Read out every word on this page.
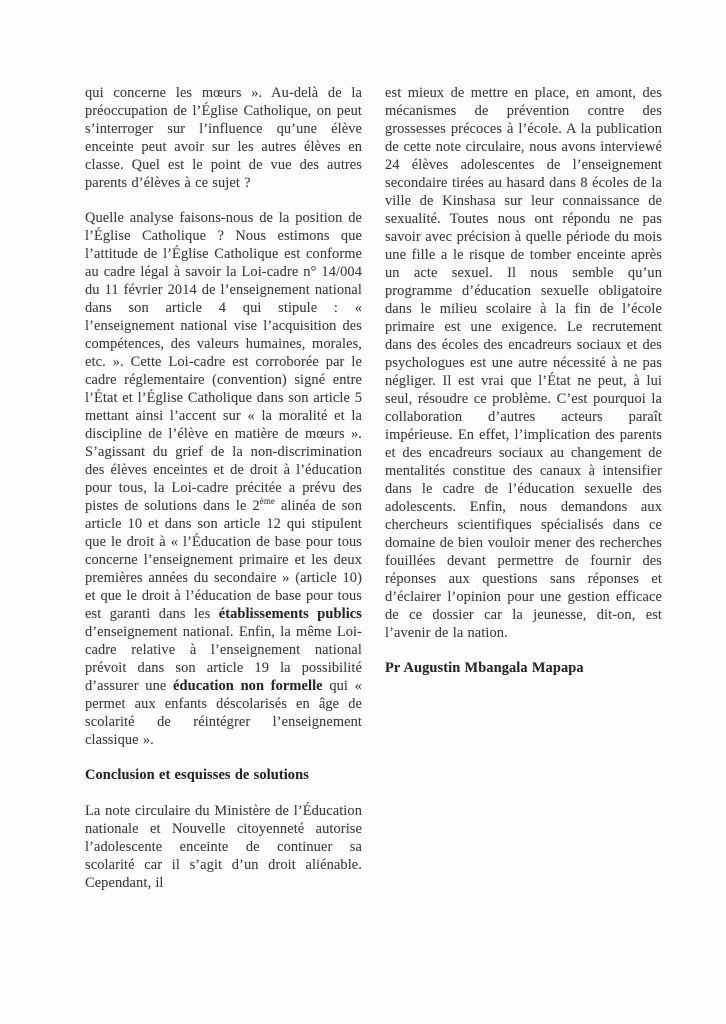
qui concerne les mœurs ». Au-delà de la préoccupation de l’Église Catholique, on peut s’interroger sur l’influence qu’une élève enceinte peut avoir sur les autres élèves en classe. Quel est le point de vue des autres parents d’élèves à ce sujet ?

Quelle analyse faisons-nous de la position de l’Église Catholique ? Nous estimons que l’attitude de l’Église Catholique est conforme au cadre légal à savoir la Loi-cadre n° 14/004 du 11 février 2014 de l’enseignement national dans son article 4 qui stipule : « l’enseignement national vise l’acquisition des compétences, des valeurs humaines, morales, etc. ». Cette Loi-cadre est corroborée par le cadre réglementaire (convention) signé entre l’État et l’Église Catholique dans son article 5 mettant ainsi l’accent sur « la moralité et la discipline de l’élève en matière de mœurs ». S’agissant du grief de la non-discrimination des élèves enceintes et de droit à l’éducation pour tous, la Loi-cadre précitée a prévu des pistes de solutions dans le 2ème alinéa de son article 10 et dans son article 12 qui stipulent que le droit à « l’Éducation de base pour tous concerne l’enseignement primaire et les deux premières années du secondaire » (article 10) et que le droit à l’éducation de base pour tous est garanti dans les établissements publics d’enseignement national. Enfin, la même Loi-cadre relative à l’enseignement national prévoit dans son article 19 la possibilité d’assurer une éducation non formelle qui « permet aux enfants déscolarisés en âge de scolarité de réintégrer l’enseignement classique ».

Conclusion et esquisses de solutions

La note circulaire du Ministère de l’Éducation nationale et Nouvelle citoyenneté autorise l’adolescente enceinte de continuer sa scolarité car il s’agit d’un droit aliénable. Cependant, il

est mieux de mettre en place, en amont, des mécanismes de prévention contre des grossesses précoces à l’école. A la publication de cette note circulaire, nous avons interviewé 24 élèves adolescentes de l’enseignement secondaire tirées au hasard dans 8 écoles de la ville de Kinshasa sur leur connaissance de sexualité. Toutes nous ont répondu ne pas savoir avec précision à quelle période du mois une fille a le risque de tomber enceinte après un acte sexuel. Il nous semble qu’un programme d’éducation sexuelle obligatoire dans le milieu scolaire à la fin de l’école primaire est une exigence. Le recrutement dans des écoles des encadreurs sociaux et des psychologues est une autre nécessité à ne pas négliger. Il est vrai que l’État ne peut, à lui seul, résoudre ce problème. C’est pourquoi la collaboration d’autres acteurs paraît impérieuse. En effet, l’implication des parents et des encadreurs sociaux au changement de mentalités constitue des canaux à intensifier dans le cadre de l’éducation sexuelle des adolescents. Enfin, nous demandons aux chercheurs scientifiques spécialisés dans ce domaine de bien vouloir mener des recherches fouillées devant permettre de fournir des réponses aux questions sans réponses et d’éclairer l’opinion pour une gestion efficace de ce dossier car la jeunesse, dit-on, est l’avenir de la nation.

Pr Augustin Mbangala Mapapa
